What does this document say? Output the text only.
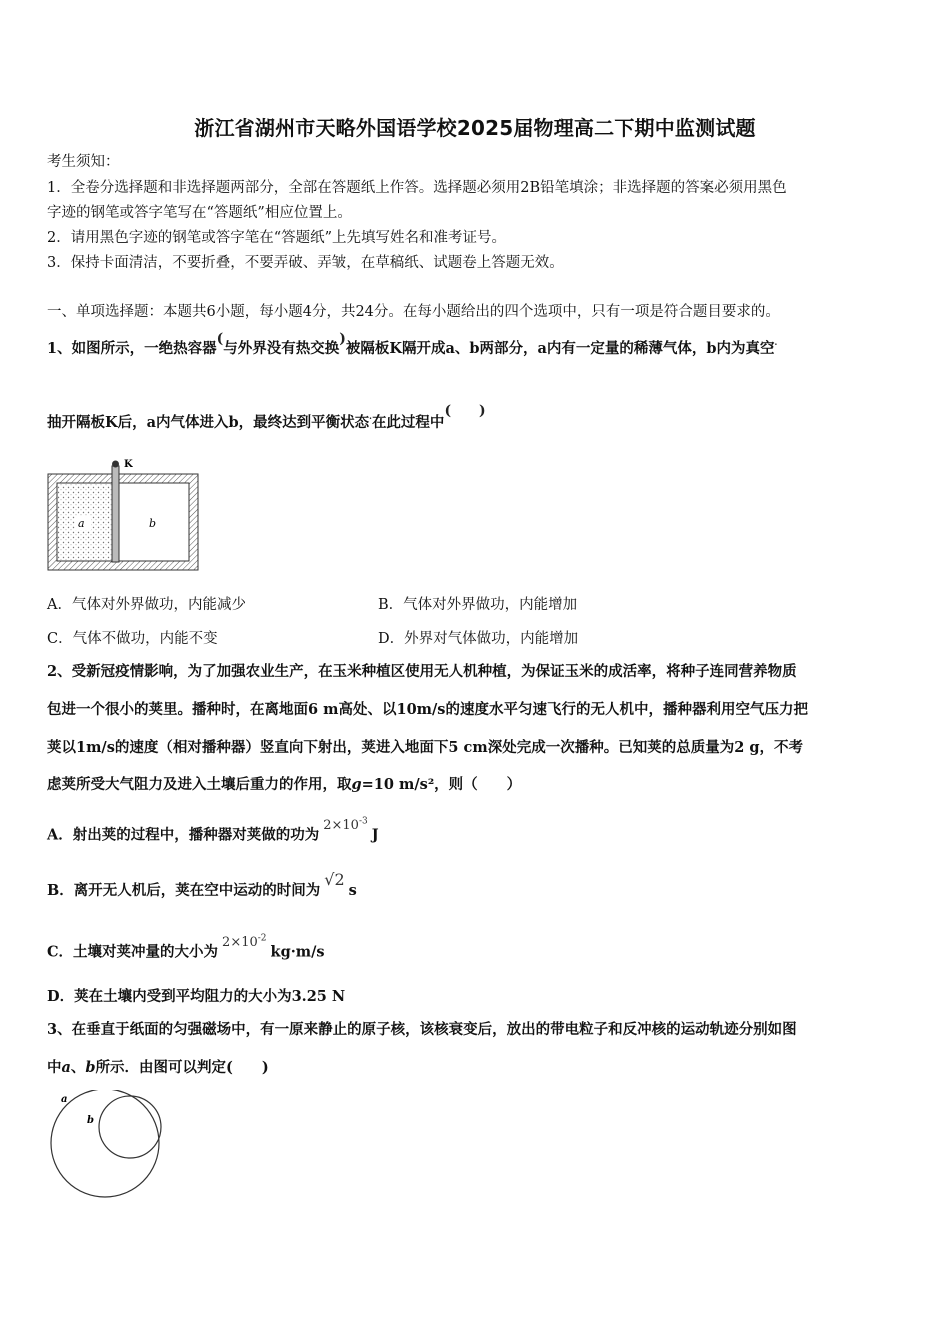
浙江省湖州市天略外国语学校2025届物理高二下期中监测试题
考生须知：
1．全卷分选择题和非选择题两部分，全部在答题纸上作答。选择题必须用2B铅笔填涂；非选择题的答案必须用黑色
字迹的钢笔或答字笔写在“答题纸”相应位置上。
2．请用黑色字迹的钢笔或答字笔在“答题纸”上先填写姓名和准考证号。
3．保持卡面清洁，不要折叠，不要弄破、弄皱，在草稿纸、试题卷上答题无效。
一、单项选择题：本题共6小题，每小题4分，共24分。在每小题给出的四个选项中，只有一项是符合题目要求的。
1、如图所示，一绝热容器(与外界没有热交换)被隔板K隔开成a、b两部分，a内有一定量的稀薄气体，b内为真空.
抽开隔板K后，a内气体进入b，最终达到平衡状态.在此过程中(　　)
K
a	b
A．气体对外界做功，内能减少	B．气体对外界做功，内能增加
C．气体不做功，内能不变	D．外界对气体做功，内能增加
2、受新冠疫情影响，为了加强农业生产，在玉米种植区使用无人机种植，为保证玉米的成活率，将种子连同营养物质
包进一个很小的荚里。播种时，在离地面6 m高处、以10m/s的速度水平匀速飞行的无人机中，播种器利用空气压力把
荚以1m/s的速度（相对播种器）竖直向下射出，荚进入地面下5 cm深处完成一次播种。已知荚的总质量为2 g，不考
虑荚所受大气阻力及进入土壤后重力的作用，取g=10 m/s²，则（　　）
A．射出荚的过程中，播种器对荚做的功为$2\times 10^{-3}J$
B．离开无人机后，荚在空中运动的时间为√2s
C．土壤对荚冲量的大小为$2\times 10^{-2}kg\cdot m/s$
D．荚在土壤内受到平均阻力的大小为3.25 N
3、在垂直于纸面的匀强磁场中，有一原来静止的原子核，该核衰变后，放出的带电粒子和反冲核的运动轨迹分别如图
中a、b所示．由图可以判定(　　)
a
b
